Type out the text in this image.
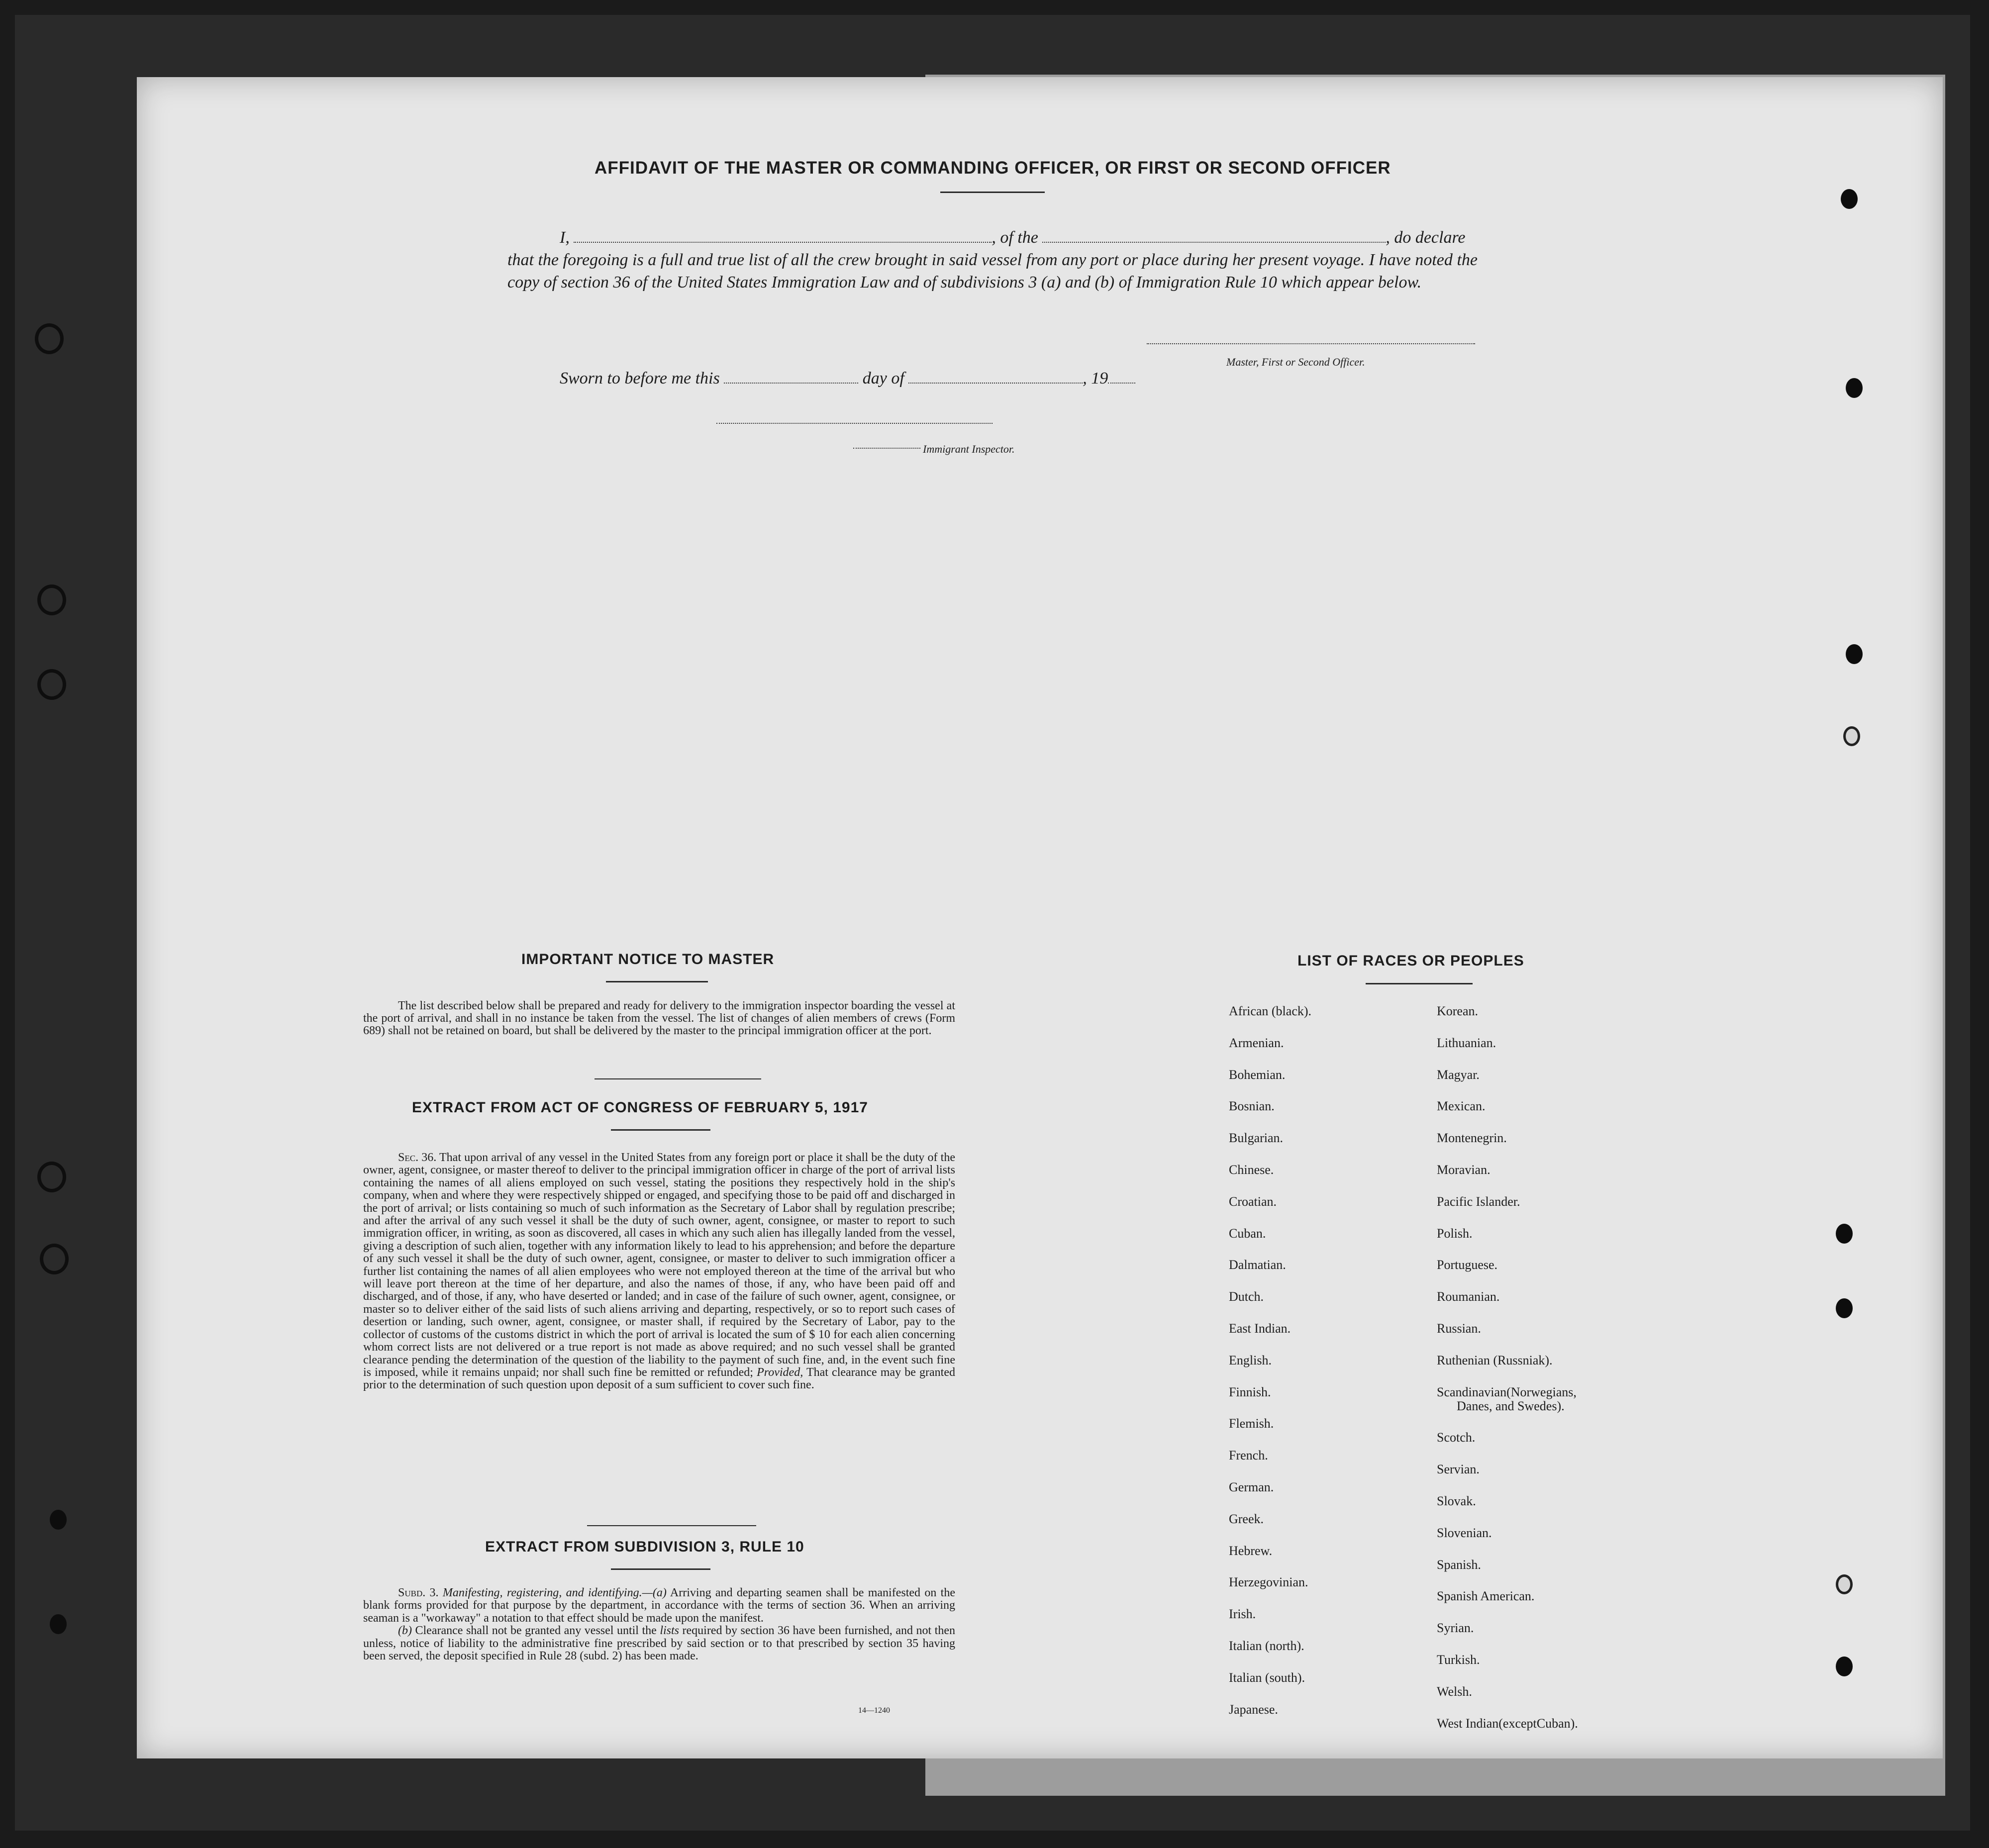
AFFIDAVIT OF THE MASTER OR COMMANDING OFFICER, OR FIRST OR SECOND OFFICER
I,	, of the	, do declare
that the foregoing is a full and true list of all the crew brought in said vessel from any port or place during her present voyage. I have noted the copy of section 36 of the United States Immigration Law and of subdivisions 3 (a) and (b) of Immigration Rule 10 which appear below.
Master, First or Second Officer.
Sworn to before me this	day of	, 19
Immigrant Inspector.
IMPORTANT NOTICE TO MASTER
The list described below shall be prepared and ready for delivery to the immigration inspector boarding the vessel at the port of arrival, and shall in no instance be taken from the vessel. The list of changes of alien members of crews (Form 689) shall not be retained on board, but shall be delivered by the master to the principal immigration officer at the port.
EXTRACT FROM ACT OF CONGRESS OF FEBRUARY 5, 1917
Sec. 36. That upon arrival of any vessel in the United States from any foreign port or place it shall be the duty of the owner, agent, consignee, or master thereof to deliver to the principal immigration officer in charge of the port of arrival lists containing the names of all aliens employed on such vessel, stating the positions they respectively hold in the ship's company, when and where they were respectively shipped or engaged, and specifying those to be paid off and discharged in the port of arrival; or lists containing so much of such information as the Secretary of Labor shall by regulation prescribe; and after the arrival of any such vessel it shall be the duty of such owner, agent, consignee, or master to report to such immigration officer, in writing, as soon as discovered, all cases in which any such alien has illegally landed from the vessel, giving a description of such alien, together with any information likely to lead to his apprehension; and before the departure of any such vessel it shall be the duty of such owner, agent, consignee, or master to deliver to such immigration officer a further list containing the names of all alien employees who were not employed thereon at the time of the arrival but who will leave port thereon at the time of her departure, and also the names of those, if any, who have been paid off and discharged, and of those, if any, who have deserted or landed; and in case of the failure of such owner, agent, consignee, or master so to deliver either of the said lists of such aliens arriving and departing, respectively, or so to report such cases of desertion or landing, such owner, agent, consignee, or master shall, if required by the Secretary of Labor, pay to the collector of customs of the customs district in which the port of arrival is located the sum of $ 10 for each alien concerning whom correct lists are not delivered or a true report is not made as above required; and no such vessel shall be granted clearance pending the determination of the question of the liability to the payment of such fine, and, in the event such fine is imposed, while it remains unpaid; nor shall such fine be remitted or refunded; Provided, That clearance may be granted prior to the determination of such question upon deposit of a sum sufficient to cover such fine.
EXTRACT FROM SUBDIVISION 3, RULE 10
Subd. 3. Manifesting, registering, and identifying.—(a) Arriving and departing seamen shall be manifested on the blank forms provided for that purpose by the department, in accordance with the terms of section 36. When an arriving seaman is a "workaway" a notation to that effect should be made upon the manifest.
(b) Clearance shall not be granted any vessel until the lists required by section 36 have been furnished, and not then unless, notice of liability to the administrative fine prescribed by said section or to that prescribed by section 35 having been served, the deposit specified in Rule 28 (subd. 2) has been made.
14—1240
LIST OF RACES OR PEOPLES
African (black).
Armenian.
Bohemian.
Bosnian.
Bulgarian.
Chinese.
Croatian.
Cuban.
Dalmatian.
Dutch.
East Indian.
English.
Finnish.
Flemish.
French.
German.
Greek.
Hebrew.
Herzegovinian.
Irish.
Italian (north).
Italian (south).
Japanese.
Korean.
Lithuanian.
Magyar.
Mexican.
Montenegrin.
Moravian.
Pacific Islander.
Polish.
Portuguese.
Roumanian.
Russian.
Ruthenian (Russniak).
Scandinavian(Norwegians,
Danes, and Swedes).
Scotch.
Servian.
Slovak.
Slovenian.
Spanish.
Spanish American.
Syrian.
Turkish.
Welsh.
West Indian(exceptCuban).
